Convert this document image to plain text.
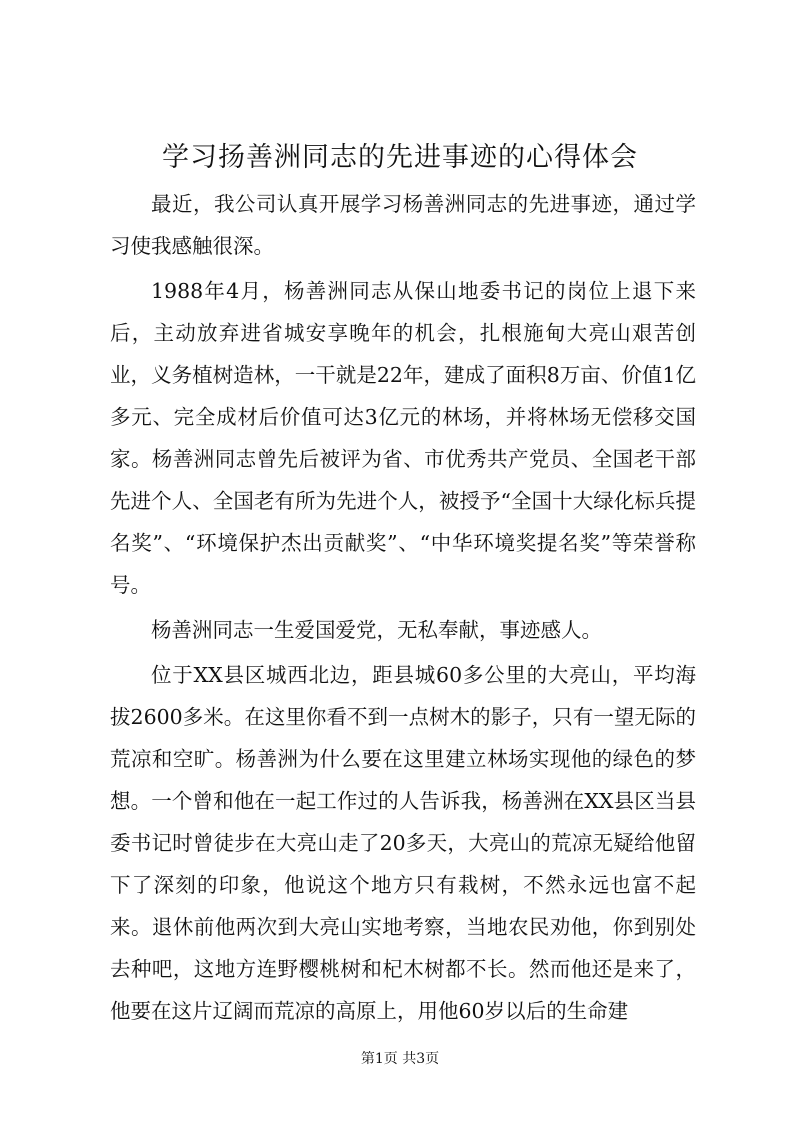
学习扬善洲同志的先进事迹的心得体会

最近，我公司认真开展学习杨善洲同志的先进事迹，通过学习使我感触很深。

1988年4月，杨善洲同志从保山地委书记的岗位上退下来后，主动放弃进省城安享晚年的机会，扎根施甸大亮山艰苦创业，义务植树造林，一干就是22年，建成了面积8万亩、价值1亿多元、完全成材后价值可达3亿元的林场，并将林场无偿移交国家。杨善洲同志曾先后被评为省、市优秀共产党员、全国老干部先进个人、全国老有所为先进个人，被授予“全国十大绿化标兵提名奖”、“环境保护杰出贡献奖”、“中华环境奖提名奖”等荣誉称号。

杨善洲同志一生爱国爱党，无私奉献，事迹感人。

位于XX县区城西北边，距县城60多公里的大亮山，平均海拔2600多米。在这里你看不到一点树木的影子，只有一望无际的荒凉和空旷。杨善洲为什么要在这里建立林场实现他的绿色的梦想。一个曾和他在一起工作过的人告诉我，杨善洲在XX县区当县委书记时曾徒步在大亮山走了20多天，大亮山的荒凉无疑给他留下了深刻的印象，他说这个地方只有栽树，不然永远也富不起来。退休前他两次到大亮山实地考察，当地农民劝他，你到别处去种吧，这地方连野樱桃树和杞木树都不长。然而他还是来了，他要在这片辽阔而荒凉的高原上，用他60岁以后的生命建

第1页 共3页
